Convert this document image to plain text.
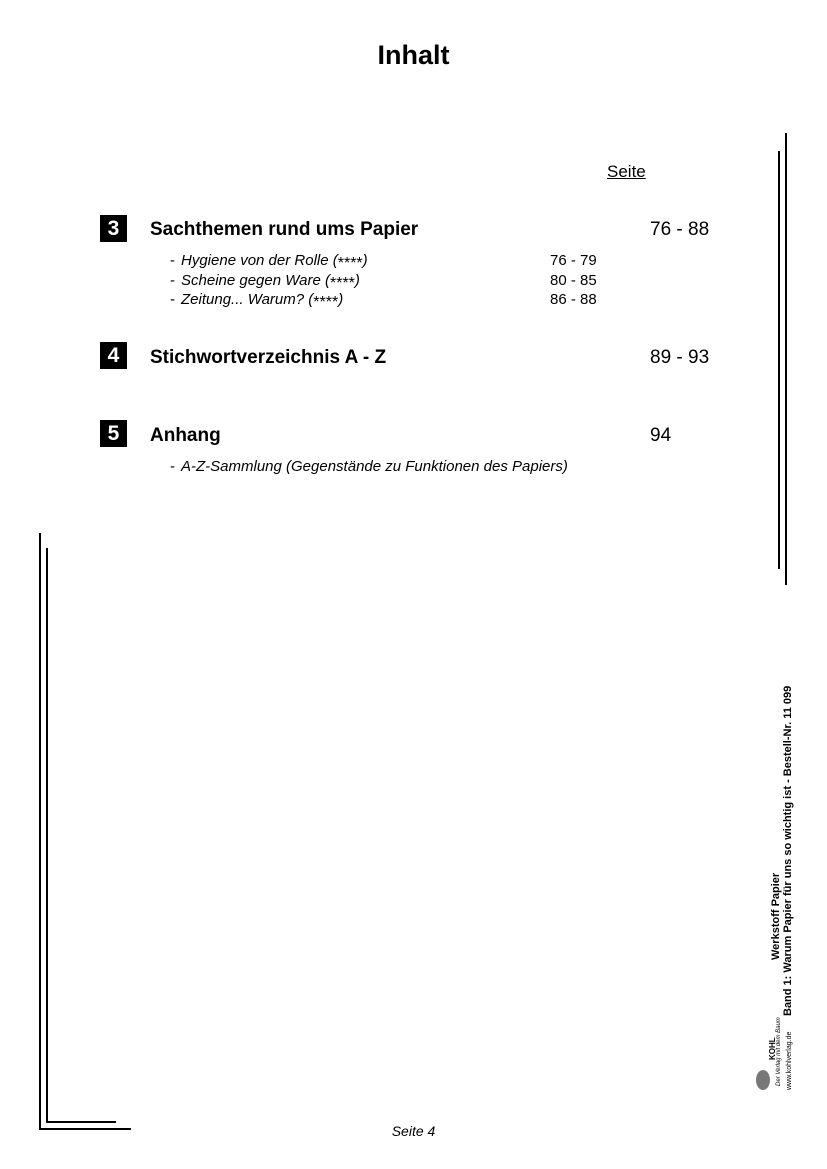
Inhalt
Seite
3	Sachthemen rund ums Papier	76 - 88
- Hygiene von der Rolle (****)	76 - 79
- Scheine gegen Ware (****)	80 - 85
- Zeitung... Warum? (****)	86 - 88
4	Stichwortverzeichnis A - Z	89 - 93
5	Anhang	94
- A-Z-Sammlung (Gegenstände zu Funktionen des Papiers)
KOHL Der Verlag mit dem Baum www.kohlverlag.de
Werkstoff Papier Band 1: Warum Papier für uns so wichtig ist - Bestell-Nr. 11 099
Seite 4
